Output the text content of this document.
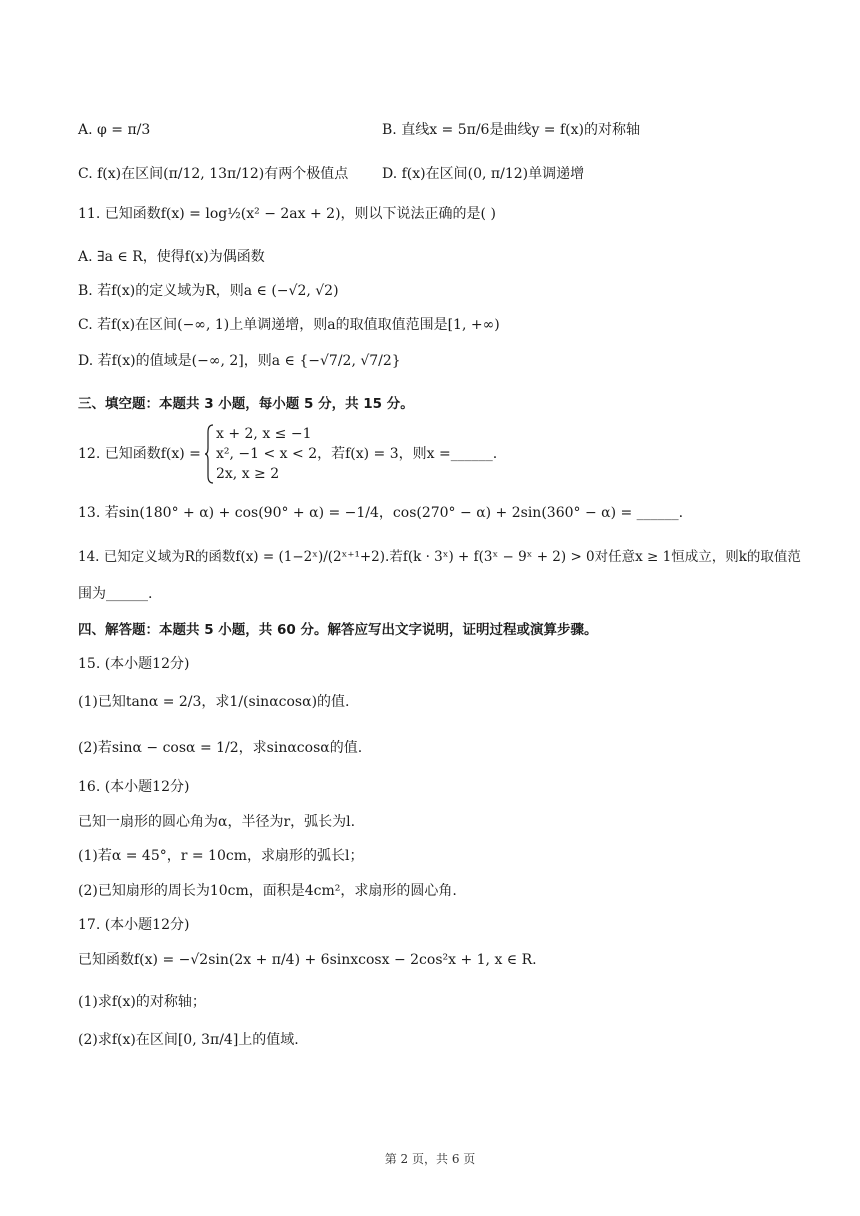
A. φ = π/3	B. 直线x = 5π/6是曲线y = f(x)的对称轴
C. f(x)在区间(π/12, 13π/12)有两个极值点 D. f(x)在区间(0, π/12)单调递增
11. 已知函数f(x) = log½(x² − 2ax + 2)，则以下说法正确的是( )
A. ∃a ∈ R，使得f(x)为偶函数
B. 若f(x)的定义域为R，则a ∈ (−√2, √2)
C. 若f(x)在区间(−∞, 1)上单调递增，则a的取值取值范围是[1, +∞)
D. 若f(x)的值域是(−∞, 2]，则a ∈ {−√7/2, √7/2}
三、填空题：本题共 3 小题，每小题 5 分，共 15 分。
12. 已知函数f(x) =
x + 2, x ≤ −1
x², −1 < x < 2，若f(x) = 3，则x =______.
2x, x ≥ 2
13. 若sin(180° + α) + cos(90° + α) = −1/4，cos(270° − α) + 2sin(360° − α) = ______.
14. 已知定义域为R的函数f(x) = (1−2ˣ)/(2ˣ⁺¹+2).若f(k · 3ˣ) + f(3ˣ − 9ˣ + 2) > 0对任意x ≥ 1恒成立，则k的取值范
围为______.
四、解答题：本题共 5 小题，共 60 分。解答应写出文字说明，证明过程或演算步骤。
15. (本小题12分)
(1)已知tanα = 2/3，求1/(sinαcosα)的值.
(2)若sinα − cosα = 1/2，求sinαcosα的值.
16. (本小题12分)
已知一扇形的圆心角为α，半径为r，弧长为l.
(1)若α = 45°，r = 10cm，求扇形的弧长l；
(2)已知扇形的周长为10cm，面积是4cm²，求扇形的圆心角.
17. (本小题12分)
已知函数f(x) = −√2sin(2x + π/4) + 6sinxcosx − 2cos²x + 1, x ∈ R.
(1)求f(x)的对称轴；
(2)求f(x)在区间[0, 3π/4]上的值域.
第 2 页，共 6 页
